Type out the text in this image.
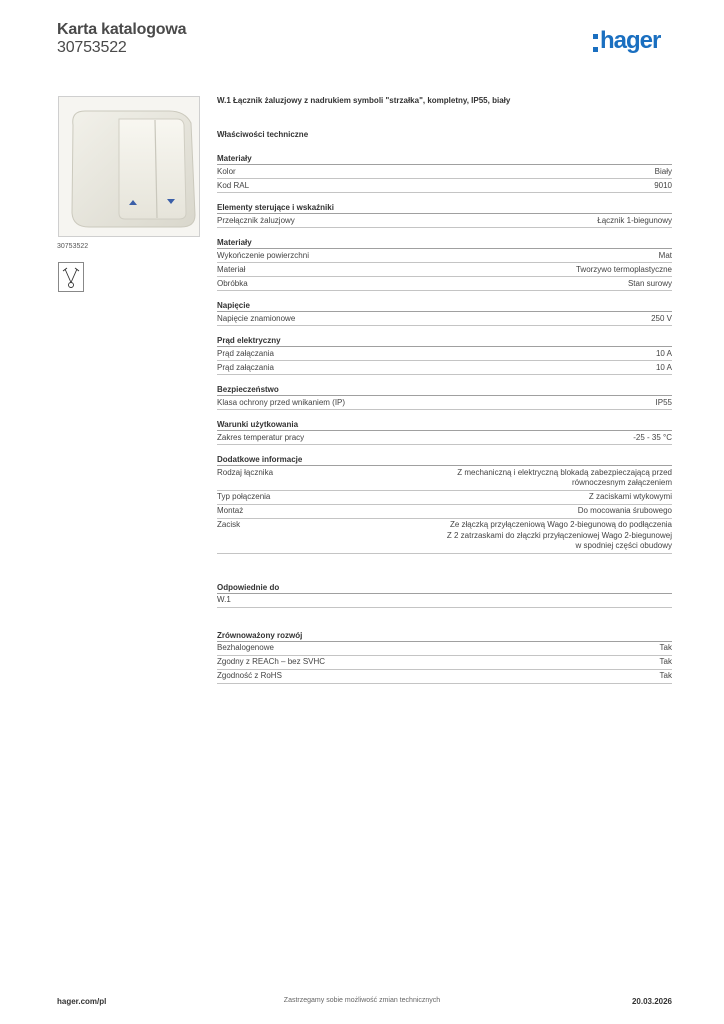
Karta katalogowa
30753522	hager
30753522
W.1 Łącznik żaluzjowy z nadrukiem symboli "strzałka", kompletny, IP55, biały
Właściwości techniczne
Materiały
Kolor	Biały
Kod RAL	9010
Elementy sterujące i wskaźniki
Przełącznik żaluzjowy	Łącznik 1-biegunowy
Materiały
Wykończenie powierzchni	Mat
Materiał	Tworzywo termoplastyczne
Obróbka	Stan surowy
Napięcie
Napięcie znamionowe	250 V
Prąd elektryczny
Prąd załączania	10 A
Prąd załączania	10 A
Bezpieczeństwo
Klasa ochrony przed wnikaniem (IP)	IP55
Warunki użytkowania
Zakres temperatur pracy	-25 - 35 °C
Dodatkowe informacje
Rodzaj łącznika	Z mechaniczną i elektryczną blokadą zabezpieczającą przed
równoczesnym załączeniem
Typ połączenia	Z zaciskami wtykowymi
Montaż	Do mocowania śrubowego
Zacisk	Ze złączką przyłączeniową Wago 2-biegunową do podłączenia
Z 2 zatrzaskami do złączki przyłączeniowej Wago 2-biegunowej
w spodniej części obudowy
Odpowiednie do
W.1

Zrównoważony rozwój
Bezhalogenowe	Tak
Zgodny z REACh – bez SVHC	Tak
Zgodność z RoHS	Tak
hager.com/pl	Zastrzegamy sobie możliwość zmian technicznych	20.03.2026
